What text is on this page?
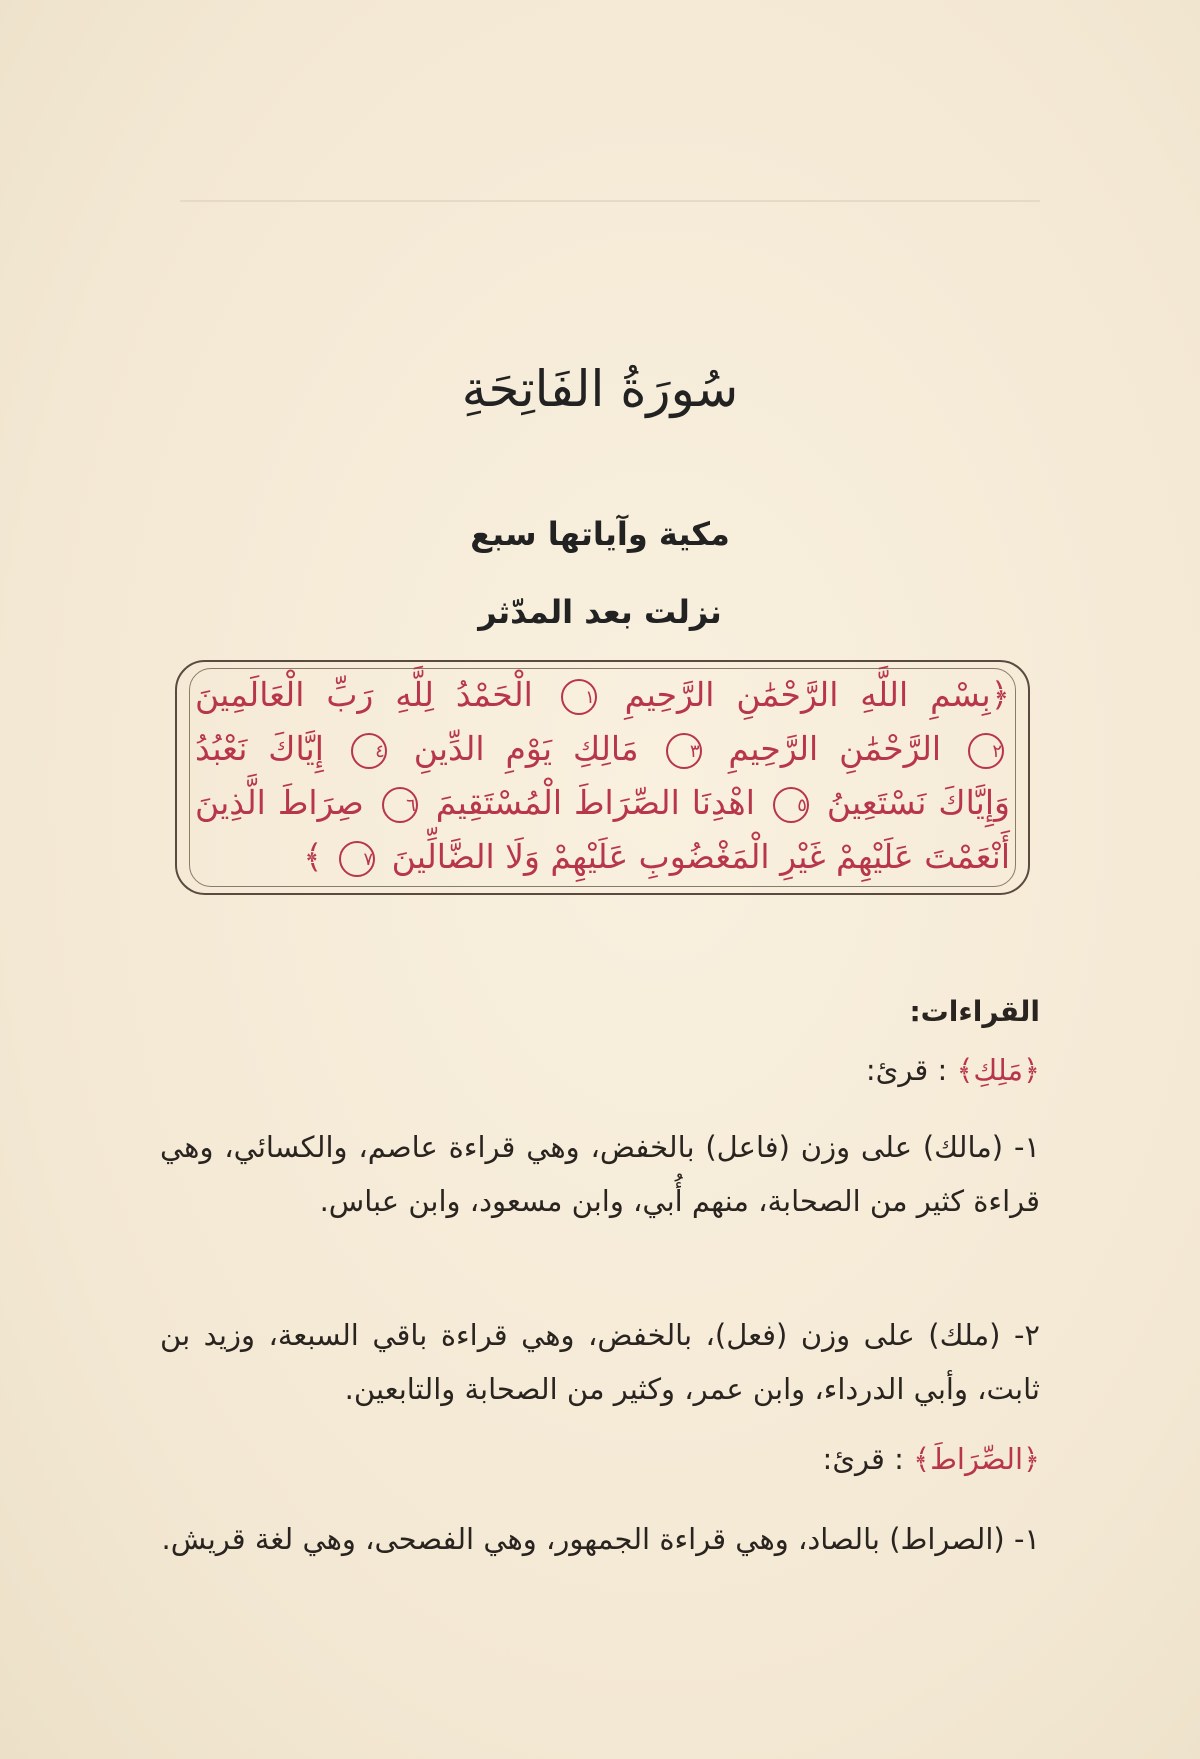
سُورَةُ الفَاتِحَةِ
مكية وآياتها سبع
نزلت بعد المدّثر
﴿بِسْمِ اللَّهِ الرَّحْمَٰنِ الرَّحِيمِ ١ الْحَمْدُ لِلَّهِ رَبِّ الْعَالَمِينَ
٢ الرَّحْمَٰنِ الرَّحِيمِ ٣ مَالِكِ يَوْمِ الدِّينِ ٤ إِيَّاكَ نَعْبُدُ
وَإِيَّاكَ نَسْتَعِينُ ٥ اهْدِنَا الصِّرَاطَ الْمُسْتَقِيمَ ٦ صِرَاطَ الَّذِينَ
أَنْعَمْتَ عَلَيْهِمْ غَيْرِ الْمَغْضُوبِ عَلَيْهِمْ وَلَا الضَّالِّينَ ٧ ﴾
القراءات:
﴿مَلِكِ﴾ : قرئ:
١- (مالك) على وزن (فاعل) بالخفض، وهي قراءة عاصم، والكسائي، وهي قراءة كثير من الصحابة، منهم أُبي، وابن مسعود، وابن عباس.
٢- (ملك) على وزن (فعل)، بالخفض، وهي قراءة باقي السبعة، وزيد بن ثابت، وأبي الدرداء، وابن عمر، وكثير من الصحابة والتابعين.
﴿الصِّرَاطَ﴾ : قرئ:
١- (الصراط) بالصاد، وهي قراءة الجمهور، وهي الفصحى، وهي لغة قريش.
